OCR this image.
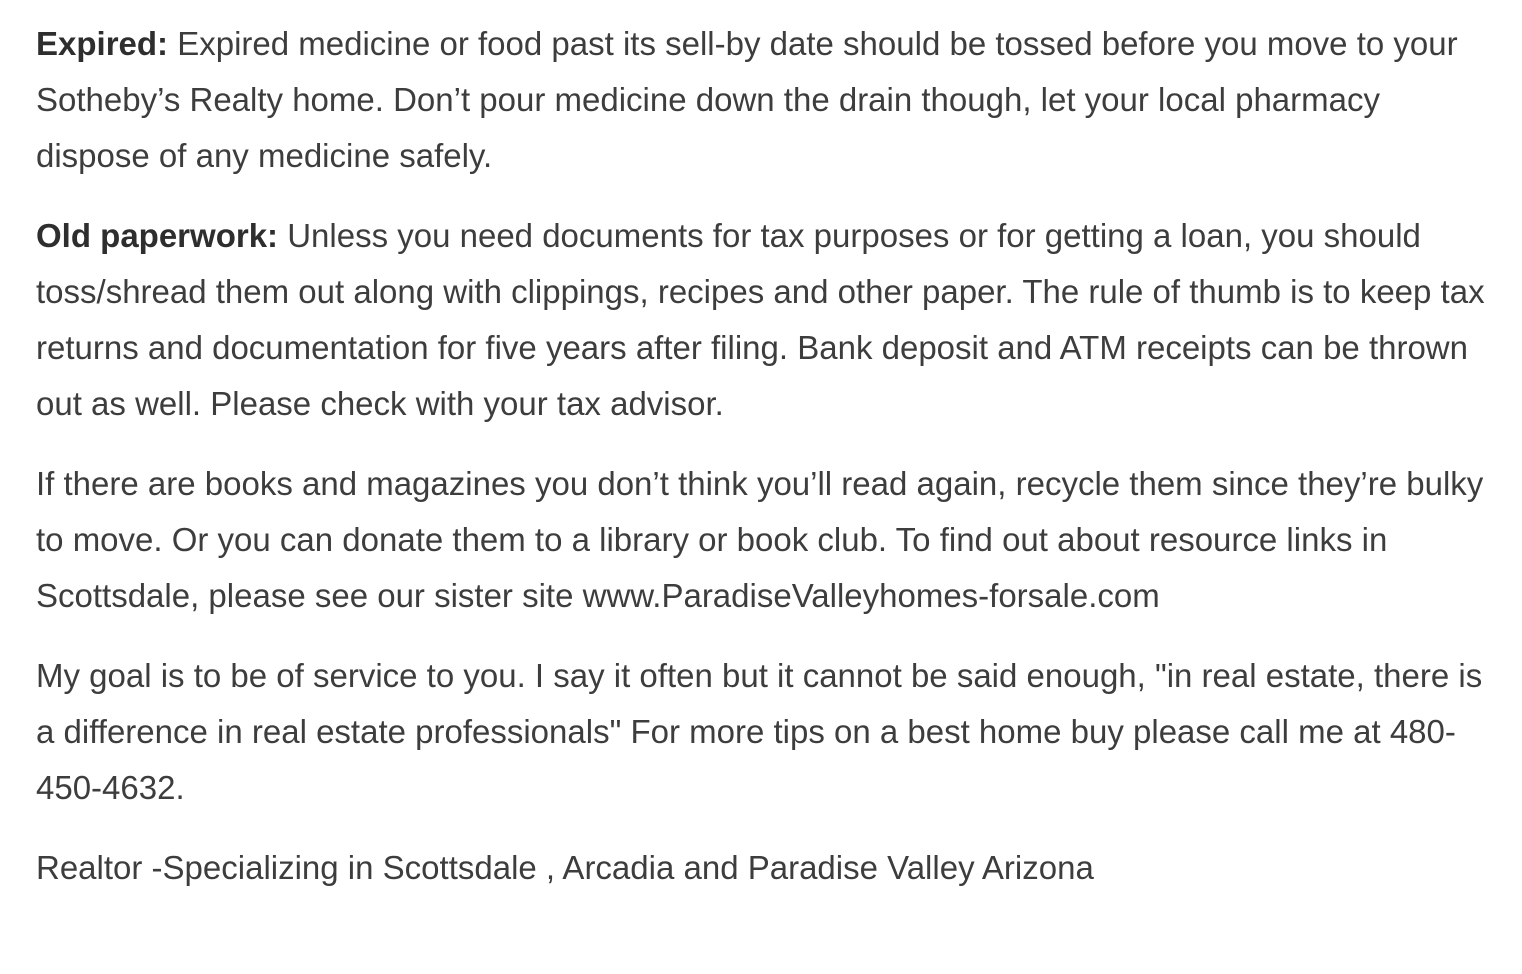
Expired: Expired medicine or food past its sell-by date should be tossed before you move to your Sotheby’s Realty home. Don’t pour medicine down the drain though, let your local pharmacy dispose of any medicine safely.

Old paperwork: Unless you need documents for tax purposes or for getting a loan, you should toss/shread them out along with clippings, recipes and other paper. The rule of thumb is to keep tax returns and documentation for five years after filing. Bank deposit and ATM receipts can be thrown out as well. Please check with your tax advisor.

If there are books and magazines you don’t think you’ll read again, recycle them since they’re bulky to move. Or you can donate them to a library or book club. To find out about resource links in Scottsdale, please see our sister site www.ParadiseValleyhomes-forsale.com

My goal is to be of service to you. I say it often but it cannot be said enough, "in real estate, there is a difference in real estate professionals" For more tips on a best home buy please call me at 480-450-4632.

Realtor -Specializing in Scottsdale , Arcadia and Paradise Valley Arizona
